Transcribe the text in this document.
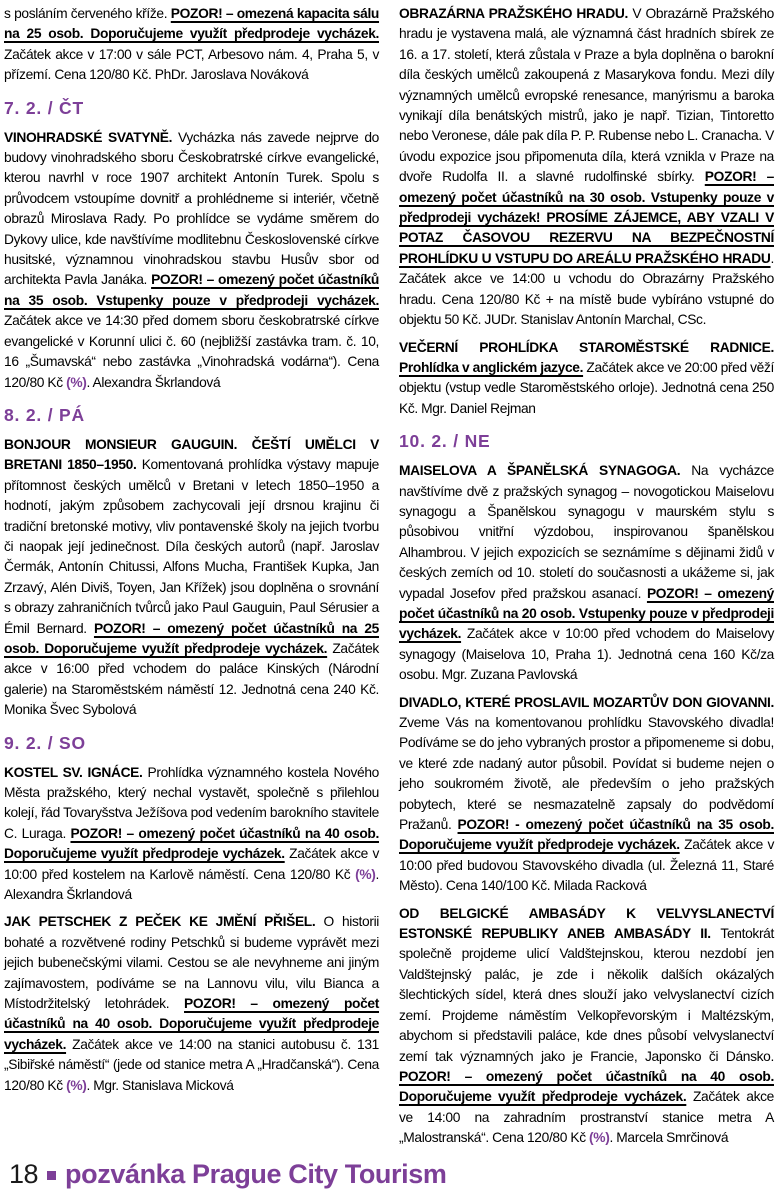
s posláním červeného kříže. POZOR! – omezená kapacita sálu na 25 osob. Doporučujeme využít předprodeje vycházek. Začátek akce v 17:00 v sále PCT, Arbesovo nám. 4, Praha 5, v přízemí. Cena 120/80 Kč. PhDr. Jaroslava Nováková

7. 2. / ČT

VINOHRADSKÉ SVATYNĚ. Vycházka nás zavede nejprve do budovy vinohradského sboru Českobratrské církve evangelické, kterou navrhl v roce 1907 architekt Antonín Turek. Spolu s průvodcem vstoupíme dovnitř a prohlédneme si interiér, včetně obrazů Miroslava Rady. Po prohlídce se vydáme směrem do Dykovy ulice, kde navštívíme modlitebnu Československé církve husitské, významnou vinohradskou stavbu Husův sbor od architekta Pavla Janáka. POZOR! – omezený počet účastníků na 35 osob. Vstupenky pouze v předprodeji vycházek. Začátek akce ve 14:30 před domem sboru českobratrské církve evangelické v Korunní ulici č. 60 (nejbližší zastávka tram. č. 10, 16 „Šumavská“ nebo zastávka „Vinohradská vodárna“). Cena 120/80 Kč (%). Alexandra Škrlandová

8. 2. / PÁ

BONJOUR MONSIEUR GAUGUIN. ČEŠTÍ UMĚLCI V BRETANI 1850–1950. Komentovaná prohlídka výstavy mapuje přítomnost českých umělců v Bretani v letech 1850–1950 a hodnotí, jakým způsobem zachycovali její drsnou krajinu či tradiční bretonské motivy, vliv pontavenské školy na jejich tvorbu či naopak její jedinečnost. Díla českých autorů (např. Jaroslav Čermák, Antonín Chitussi, Alfons Mucha, František Kupka, Jan Zrzavý, Alén Diviš, Toyen, Jan Křížek) jsou doplněna o srovnání s obrazy zahraničních tvůrců jako Paul Gauguin, Paul Sérusier a Émil Bernard. POZOR! – omezený počet účastníků na 25 osob. Doporučujeme využít předprodeje vycházek. Začátek akce v 16:00 před vchodem do paláce Kinských (Národní galerie) na Staroměstském náměstí 12. Jednotná cena 240 Kč. Monika Švec Sybolová

9. 2. / SO

KOSTEL SV. IGNÁCE. Prohlídka významného kostela Nového Města pražského, který nechal vystavět, společně s přilehlou kolejí, řád Tovaryšstva Ježíšova pod vedením barokního stavitele C. Luraga. POZOR! – omezený počet účastníků na 40 osob. Doporučujeme využít předprodeje vycházek. Začátek akce v 10:00 před kostelem na Karlově náměstí. Cena 120/80 Kč (%). Alexandra Škrlandová

JAK PETSCHEK Z PEČEK KE JMĚNÍ PŘIŠEL. O historii bohaté a rozvětvené rodiny Petschků si budeme vyprávět mezi jejich bubenečskými vilami. Cestou se ale nevyhneme ani jiným zajímavostem, podíváme se na Lannovu vilu, vilu Bianca a Místodržitelský letohrádek. POZOR! – omezený počet účastníků na 40 osob. Doporučujeme využít předprodeje vycházek. Začátek akce ve 14:00 na stanici autobusu č. 131 „Sibiřské náměstí“ (jede od stanice metra A „Hradčanská“). Cena 120/80 Kč (%). Mgr. Stanislava Micková

OBRAZÁRNA PRAŽSKÉHO HRADU. V Obrazárně Pražského hradu je vystavena malá, ale významná část hradních sbírek ze 16. a 17. století, která zůstala v Praze a byla doplněna o barokní díla českých umělců zakoupená z Masarykova fondu. Mezi díly významných umělců evropské renesance, manýrismu a baroka vynikají díla benátských mistrů, jako je např. Tizian, Tintoretto nebo Veronese, dále pak díla P. P. Rubense nebo L. Cranacha. V úvodu expozice jsou připomenuta díla, která vznikla v Praze na dvoře Rudolfa II. a slavné rudolfinské sbírky. POZOR! – omezený počet účastníků na 30 osob. Vstupenky pouze v předprodeji vycházek! PROSÍME ZÁJEMCE, ABY VZALI V POTAZ ČASOVOU REZERVU NA BEZPEČNOSTNÍ PROHLÍDKU U VSTUPU DO AREÁLU PRAŽSKÉHO HRADU. Začátek akce ve 14:00 u vchodu do Obrazárny Pražského hradu. Cena 120/80 Kč + na místě bude vybíráno vstupné do objektu 50 Kč. JUDr. Stanislav Antonín Marchal, CSc.

VEČERNÍ PROHLÍDKA STAROMĚSTSKÉ RADNICE. Prohlídka v anglickém jazyce. Začátek akce ve 20:00 před věží objektu (vstup vedle Staroměstského orloje). Jednotná cena 250 Kč. Mgr. Daniel Rejman

10. 2. / NE

MAISELOVA A ŠPANĚLSKÁ SYNAGOGA. Na vycházce navštívíme dvě z pražských synagog – novogotickou Maiselovu synagogu a Španělskou synagogu v maurském stylu s působivou vnitřní výzdobou, inspirovanou španělskou Alhambrou. V jejich expozicích se seznámíme s dějinami židů v českých zemích od 10. století do současnosti a ukážeme si, jak vypadal Josefov před pražskou asanací. POZOR! – omezený počet účastníků na 20 osob. Vstupenky pouze v předprodeji vycházek. Začátek akce v 10:00 před vchodem do Maiselovy synagogy (Maiselova 10, Praha 1). Jednotná cena 160 Kč/za osobu. Mgr. Zuzana Pavlovská

DIVADLO, KTERÉ PROSLAVIL MOZARTŮV DON GIOVANNI. Zveme Vás na komentovanou prohlídku Stavovského divadla! Podíváme se do jeho vybraných prostor a připomeneme si dobu, ve které zde nadaný autor působil. Povídat si budeme nejen o jeho soukromém životě, ale především o jeho pražských pobytech, které se nesmazatelně zapsaly do podvědomí Pražanů. POZOR! - omezený počet účastníků na 35 osob. Doporučujeme využít předprodeje vycházek. Začátek akce v 10:00 před budovou Stavovského divadla (ul. Železná 11, Staré Město). Cena 140/100 Kč. Milada Racková

OD BELGICKÉ AMBASÁDY K VELVYSLANECTVÍ ESTONSKÉ REPUBLIKY ANEB AMBASÁDY II. Tentokrát společně projdeme ulicí Valdštejnskou, kterou nezdobí jen Valdštejnský palác, je zde i několik dalších okázalých šlechtických sídel, která dnes slouží jako velvyslanectví cizích zemí. Projdeme náměstím Velkopřevorským i Maltézským, abychom si představili paláce, kde dnes působí velvyslanectví zemí tak významných jako je Francie, Japonsko či Dánsko. POZOR! – omezený počet účastníků na 40 osob. Doporučujeme využít předprodeje vycházek. Začátek akce ve 14:00 na zahradním prostranství stanice metra A „Malostranská“. Cena 120/80 Kč (%). Marcela Smrčinová

18 pozvánka Prague City Tourism
